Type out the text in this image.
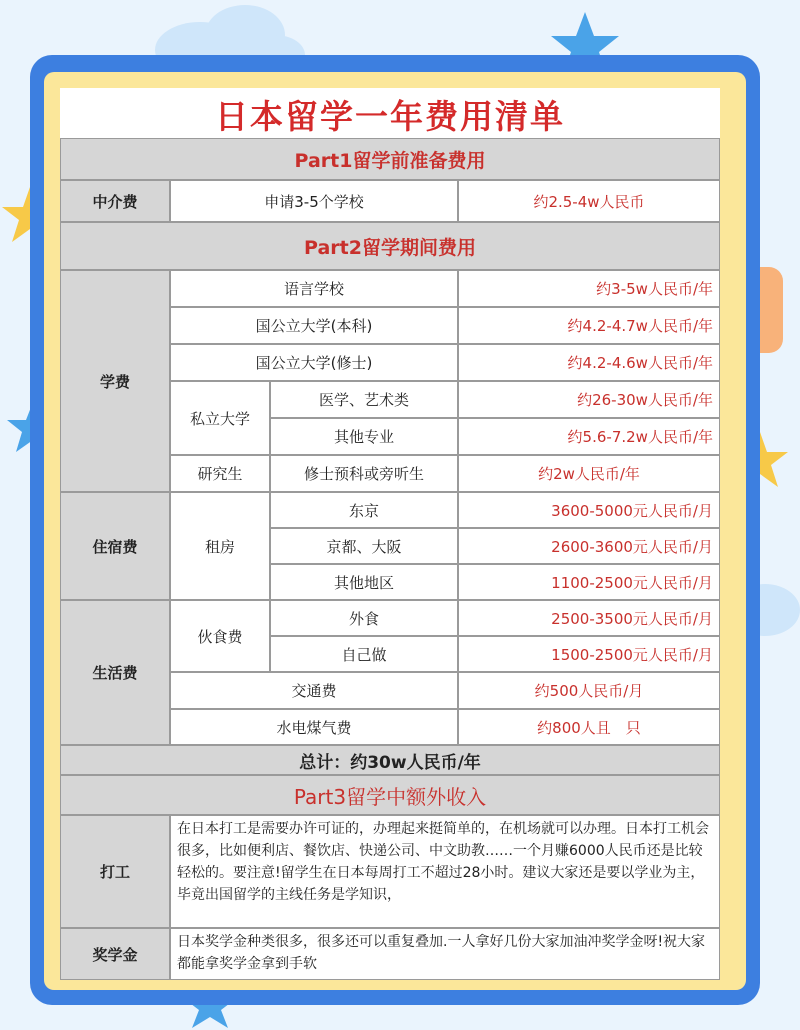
日本留学一年费用清单
Part1留学前准备费用
中介费	申请3-5个学校	约2.5-4w人民币
Part2留学期间费用
学费
语言学校	约3-5w人民币/年
国公立大学(本科)	约4.2-4.7w人民币/年
国公立大学(修士)	约4.2-4.6w人民币/年
私立大学
医学、艺术类	约26-30w人民币/年
其他专业	约5.6-7.2w人民币/年
研究生	修士预科或旁听生	约2w人民币/年
住宿费	租房
东京	3600-5000元人民币/月
京都、大阪	2600-3600元人民币/月
其他地区	1100-2500元人民币/月
生活费
伙食费
外食	2500-3500元人民币/月
自己做	1500-2500元人民币/月
交通费	约500人民币/月
水电煤气费	约800人且　只
总计：约30w人民币/年
Part3留学中额外收入
打工
在日本打工是需要办许可证的，办理起来挺简单的，在机场就可以办理。日本打工机会很多，比如便利店、餐饮店、快递公司、中文助教……一个月赚6000人民币还是比较轻松的。要注意!留学生在日本每周打工不超过28小时。建议大家还是要以学业为主，毕竟出国留学的主线任务是学知识，
奖学金
日本奖学金种类很多，很多还可以重复叠加.一人拿好几份大家加油冲奖学金呀!祝大家都能拿奖学金拿到手软
